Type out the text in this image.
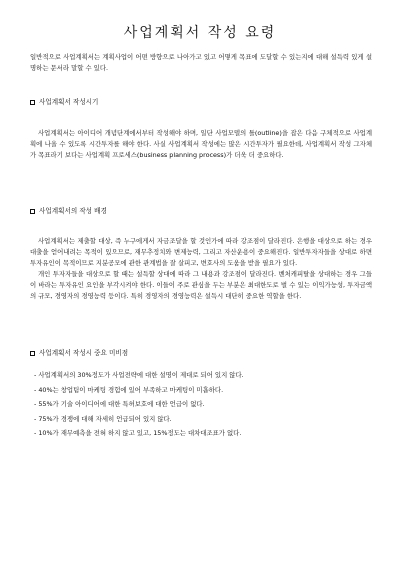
사업계획서 작성 요령
일반적으로 사업계획서는 계획사업이 어떤 방향으로 나아가고 있고 어떻게 목표에 도달할 수 있는지에 대해 설득력 있게 설명하는 문서라 말할 수 있다.
사업계획서 작성시기

사업계획서는 아이디어 개념단계에서부터 작성해야 하며, 일단 사업모델의 틀(outline)을 잡은 다음 구체적으로 사업계획에 나올 수 있도록 시간투자를 해야 한다. 사실 사업계획서 작성에는 많은 시간투자가 필요한데, 사업계획서 작성 그자체가 목표라기 보다는 사업계획 프로세스(business planning process)가 더욱 더 중요하다.

사업계획서의 작성 배경

사업계획서는 제출할 대상, 즉 누구에게서 자금조달을 할 것인가에 따라 강조점이 달라진다. 은행을 대상으로 하는 경우 대출을 얻어내려는 목적이 있으므로, 재무추정치와 변제능력, 그리고 자산운용이 중요해진다. 일반투자자들을 상대로 하면 투자유인이 목적이므로 지분공모에 관한 관계법을 잘 살피고, 변호사의 도움을 받을 필요가 있다.

개인 투자자들을 대상으로 할 때는 설득할 상대에 따라 그 내용과 강조점이 달라진다. 벤처캐피탈을 상대하는 경우 그들이 바라는 투자유인 요인을 부각시켜야 한다. 이들이 주로 관심을 두는 부분은 최대한도로 벌 수 있는 이익가능성, 투자금액의 규모, 경영자의 경영능력 등이다. 특히 경영자의 경영능력은 설득시 대단히 중요한 역할을 한다.

사업계획서 작성시 중요 미비점
- 사업계획서의 30%정도가 사업전략에 대한 설명이 제대로 되어 있지 않다.
- 40%는 창업팀이 마케팅 경험에 있어 부족하고 마케팅이 미흡하다.
- 55%가 기술 아이디어에 대한 특허보호에 대한 언급이 없다.
- 75%가 경쟁에 대해 자세히 언급되어 있지 않다.
- 10%가 재무예측을 전혀 하지 않고 있고, 15%정도는 대차대조표가 없다.
